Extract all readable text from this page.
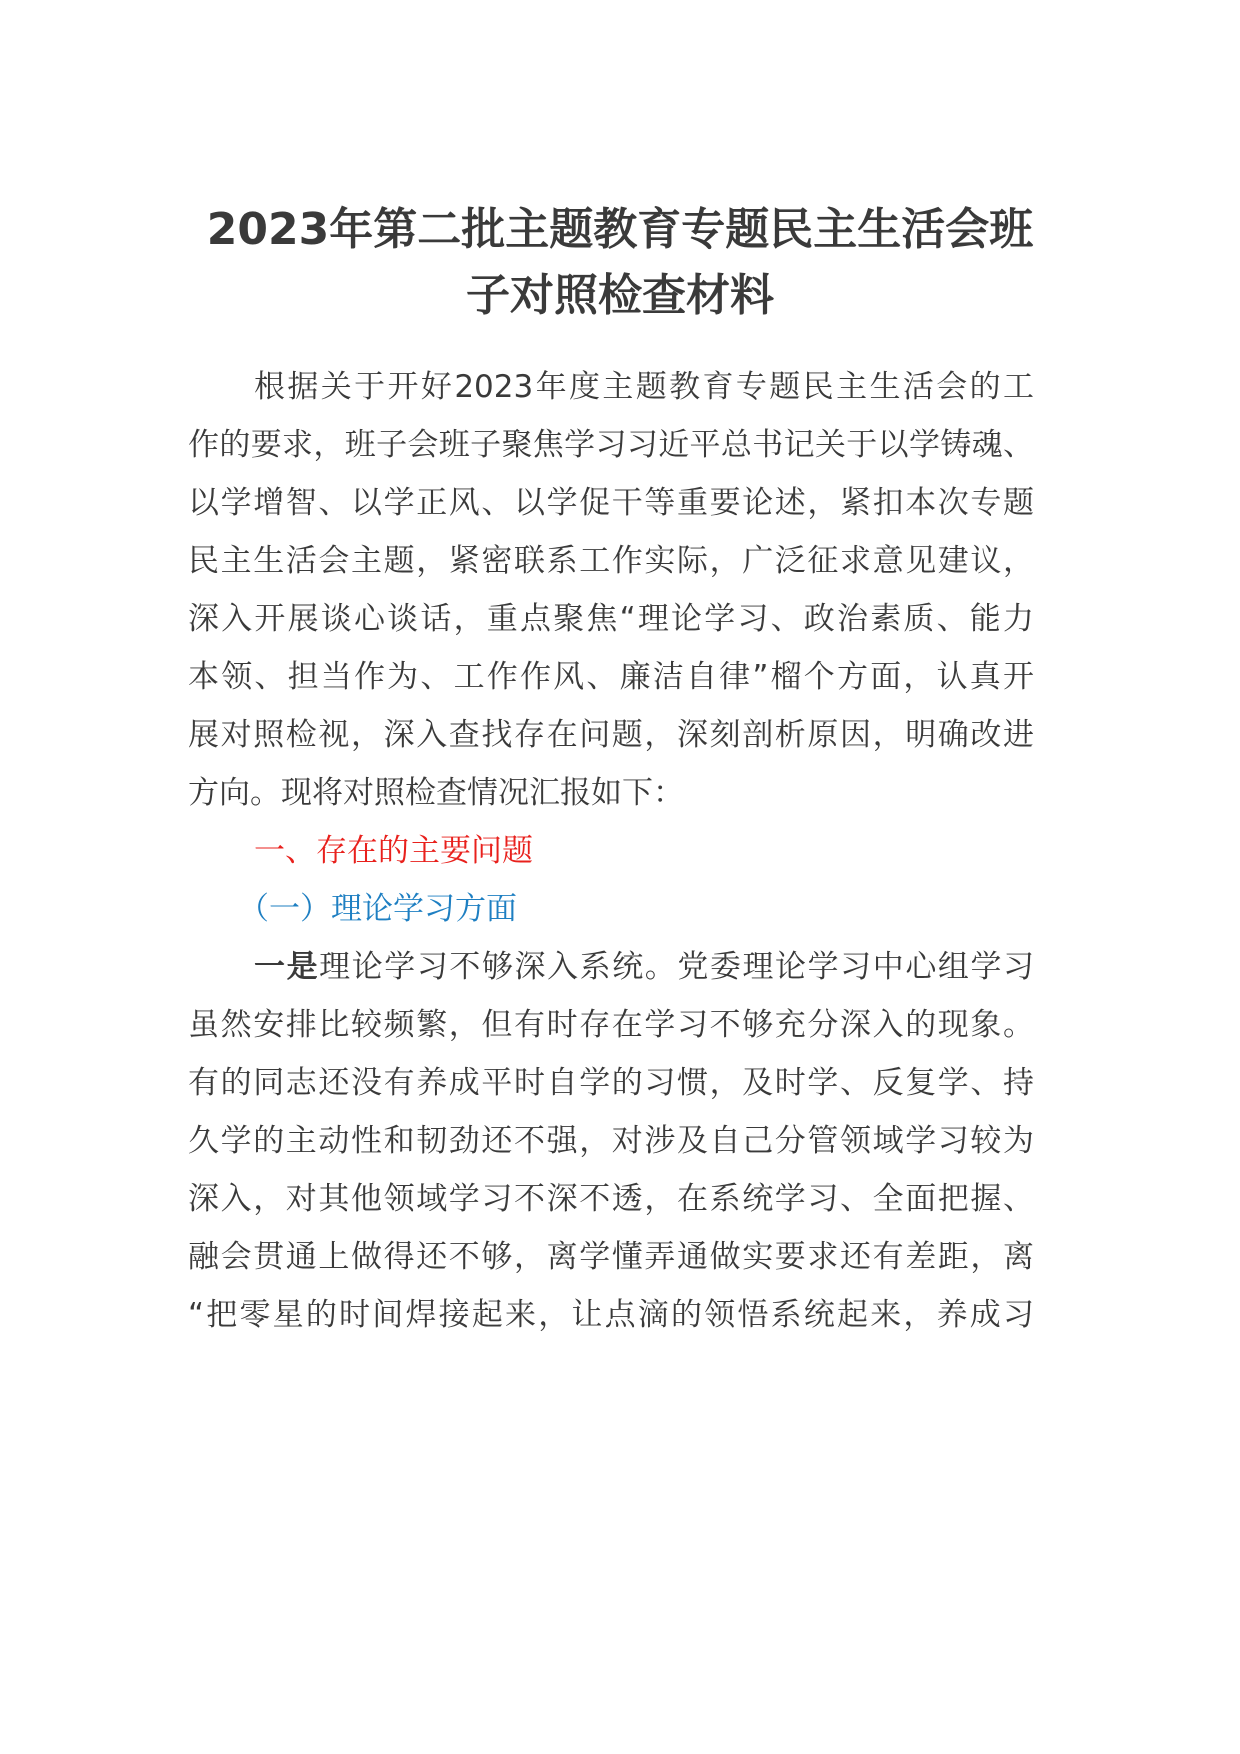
2023年第二批主题教育专题民主生活会班
子对照检查材料
根据关于开好2023年度主题教育专题民主生活会的工
作的要求，班子会班子聚焦学习习近平总书记关于以学铸魂、
以学增智、以学正风、以学促干等重要论述，紧扣本次专题
民主生活会主题，紧密联系工作实际，广泛征求意见建议，
深入开展谈心谈话，重点聚焦“理论学习、政治素质、能力
本领、担当作为、工作作风、廉洁自律”榴个方面，认真开
展对照检视，深入查找存在问题，深刻剖析原因，明确改进
方向。现将对照检查情况汇报如下：
一、存在的主要问题
（一）理论学习方面
一是理论学习不够深入系统。党委理论学习中心组学习
虽然安排比较频繁，但有时存在学习不够充分深入的现象。
有的同志还没有养成平时自学的习惯，及时学、反复学、持
久学的主动性和韧劲还不强，对涉及自己分管领域学习较为
深入，对其他领域学习不深不透，在系统学习、全面把握、
融会贯通上做得还不够，离学懂弄通做实要求还有差距，离
“把零星的时间焊接起来，让点滴的领悟系统起来，养成习
